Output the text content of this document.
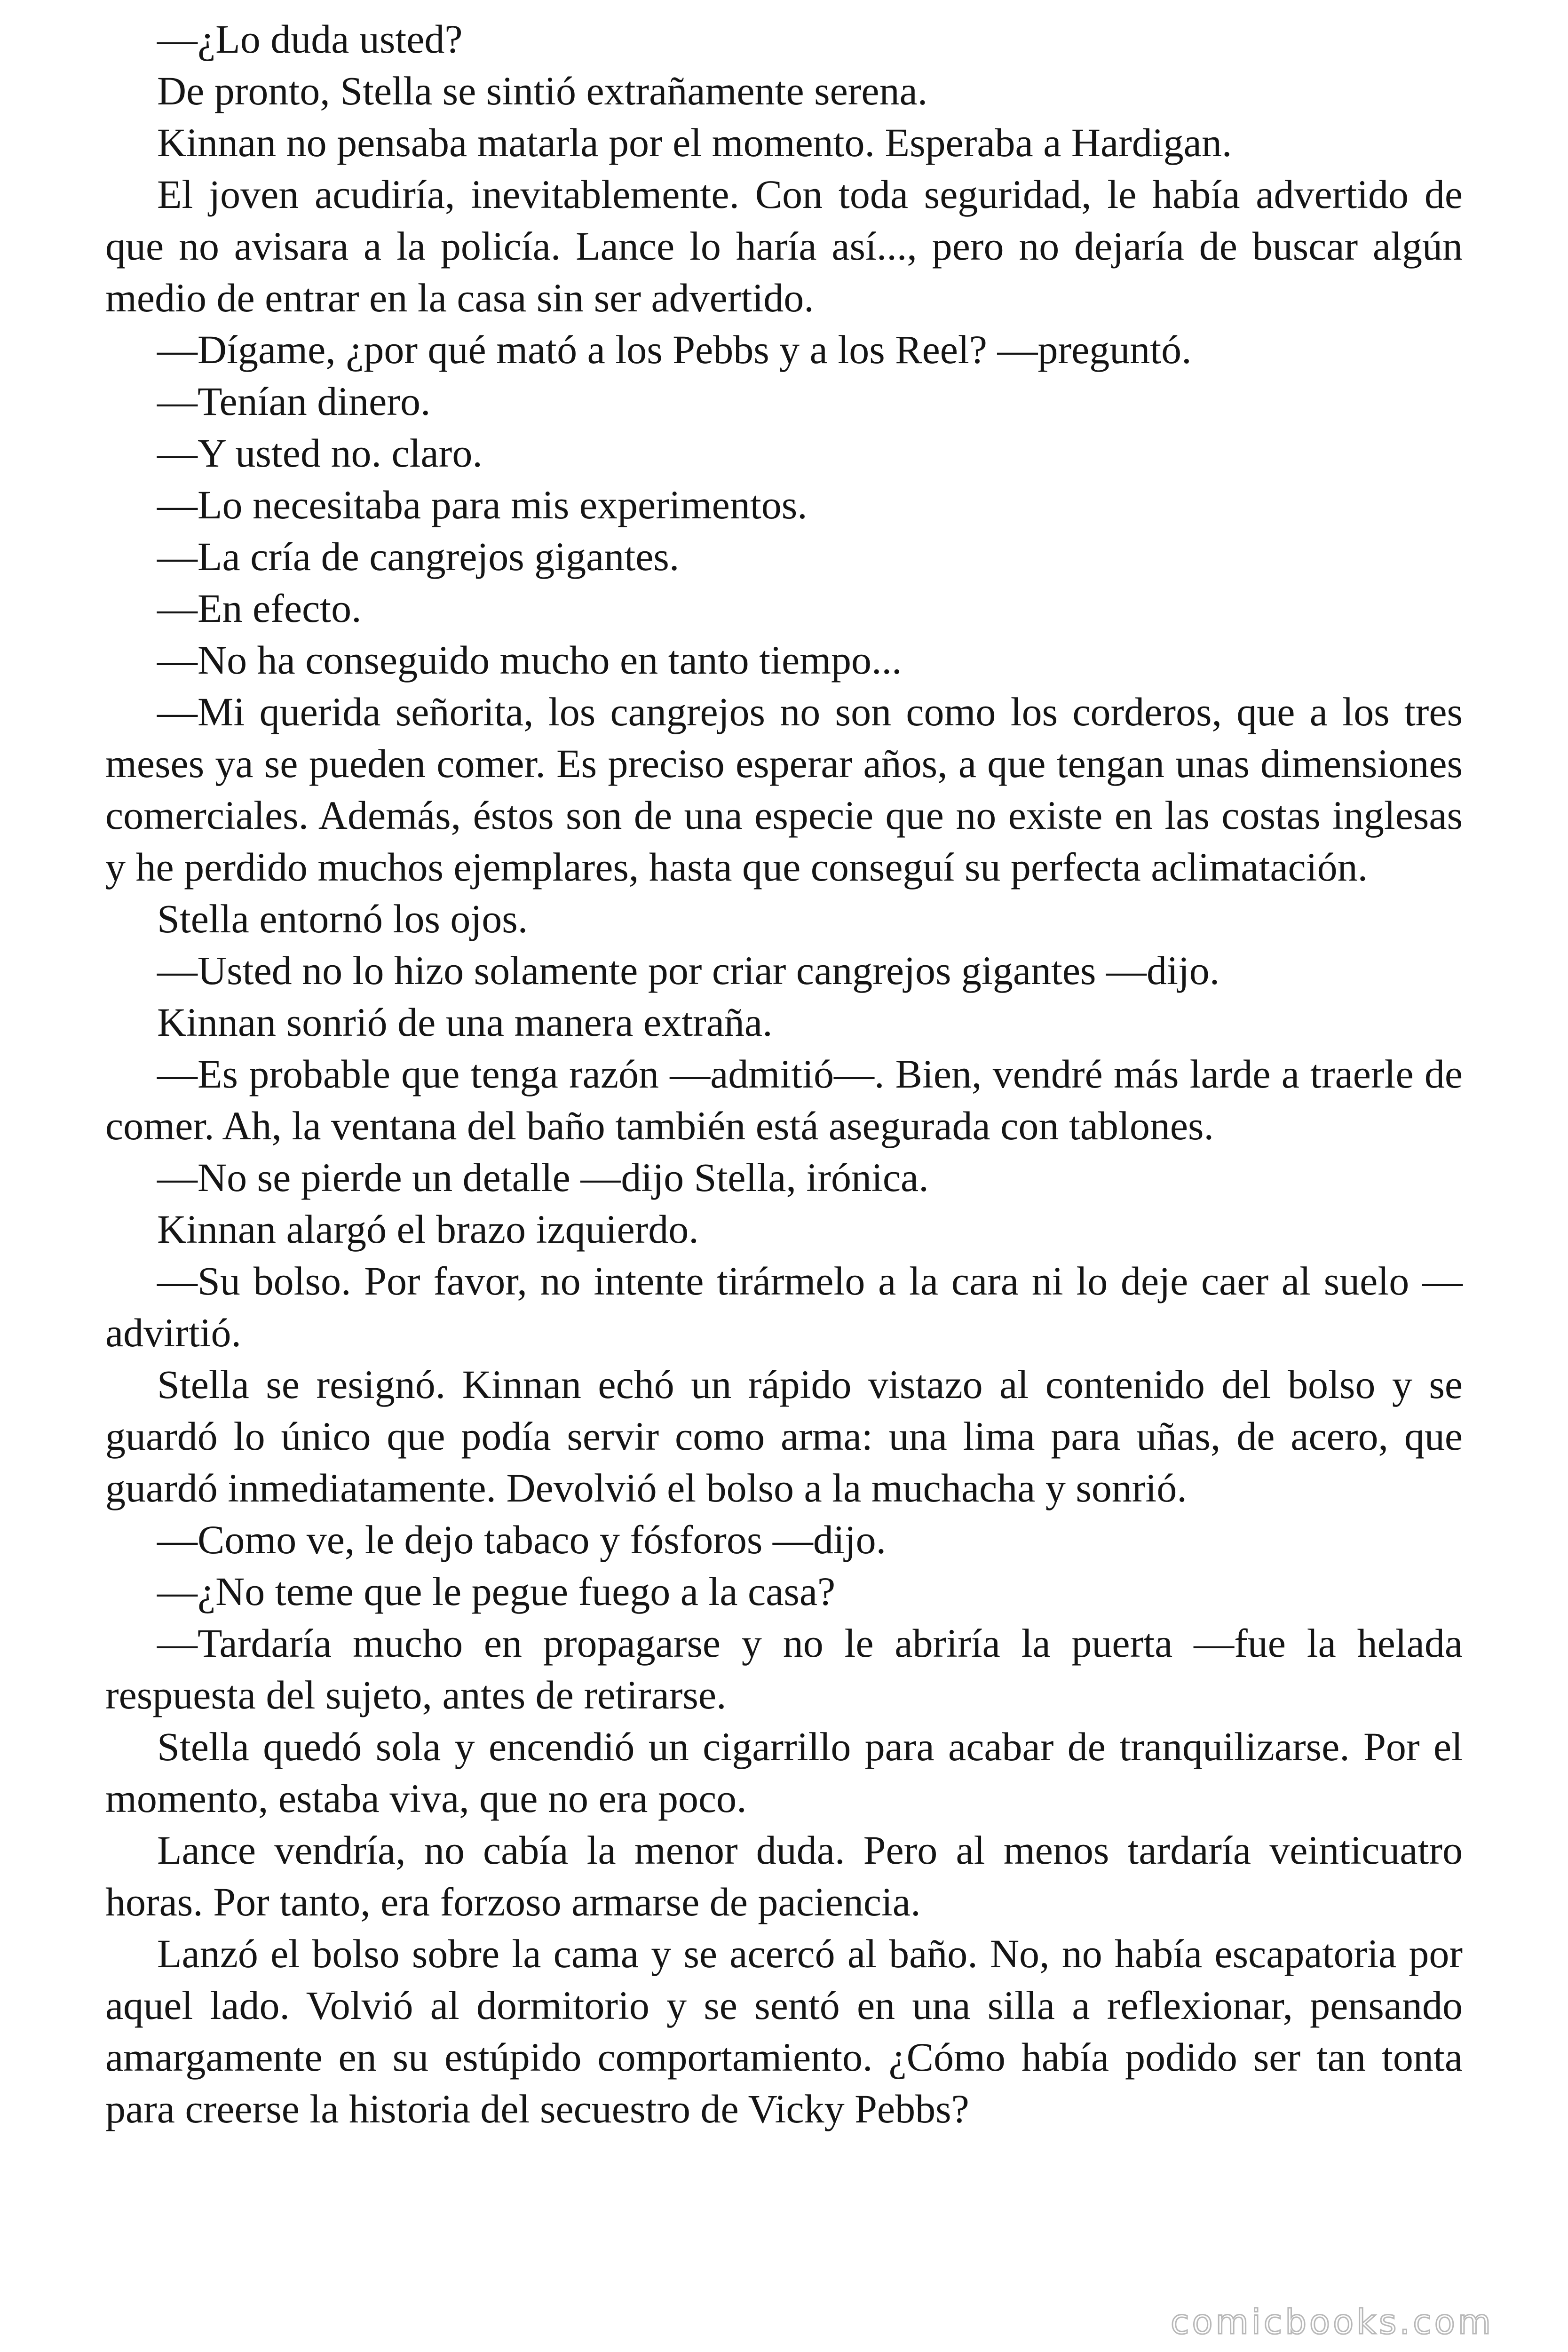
—¿Lo duda usted?

De pronto, Stella se sintió extrañamente serena.

Kinnan no pensaba matarla por el momento. Esperaba a Hardigan.

El joven acudiría, inevitablemente. Con toda seguridad, le había advertido de que no avisara a la policía. Lance lo haría así..., pero no dejaría de buscar algún medio de entrar en la casa sin ser advertido.

—Dígame, ¿por qué mató a los Pebbs y a los Reel? —preguntó.

—Tenían dinero.

—Y usted no. claro.

—Lo necesitaba para mis experimentos.

—La cría de cangrejos gigantes.

—En efecto.

—No ha conseguido mucho en tanto tiempo...

—Mi querida señorita, los cangrejos no son como los corderos, que a los tres meses ya se pueden comer. Es preciso esperar años, a que tengan unas dimensiones comerciales. Además, éstos son de una especie que no existe en las costas inglesas y he perdido muchos ejemplares, hasta que conseguí su perfecta aclimatación.

Stella entornó los ojos.

—Usted no lo hizo solamente por criar cangrejos gigantes —dijo.

Kinnan sonrió de una manera extraña.

—Es probable que tenga razón —admitió—. Bien, vendré más larde a traerle de comer. Ah, la ventana del baño también está asegurada con tablones.

—No se pierde un detalle —dijo Stella, irónica.

Kinnan alargó el brazo izquierdo.

—Su bolso. Por favor, no intente tirármelo a la cara ni lo deje caer al suelo —advirtió.

Stella se resignó. Kinnan echó un rápido vistazo al contenido del bolso y se guardó lo único que podía servir como arma: una lima para uñas, de acero, que guardó inmediatamente. Devolvió el bolso a la muchacha y sonrió.

—Como ve, le dejo tabaco y fósforos —dijo.

—¿No teme que le pegue fuego a la casa?

—Tardaría mucho en propagarse y no le abriría la puerta —fue la helada respuesta del sujeto, antes de retirarse.

Stella quedó sola y encendió un cigarrillo para acabar de tranquilizarse. Por el momento, estaba viva, que no era poco.

Lance vendría, no cabía la menor duda. Pero al menos tardaría veinticuatro horas. Por tanto, era forzoso armarse de paciencia.

Lanzó el bolso sobre la cama y se acercó al baño. No, no había escapatoria por aquel lado. Volvió al dormitorio y se sentó en una silla a reflexionar, pensando amargamente en su estúpido comportamiento. ¿Cómo había podido ser tan tonta para creerse la historia del secuestro de Vicky Pebbs?

comicbooks.com
